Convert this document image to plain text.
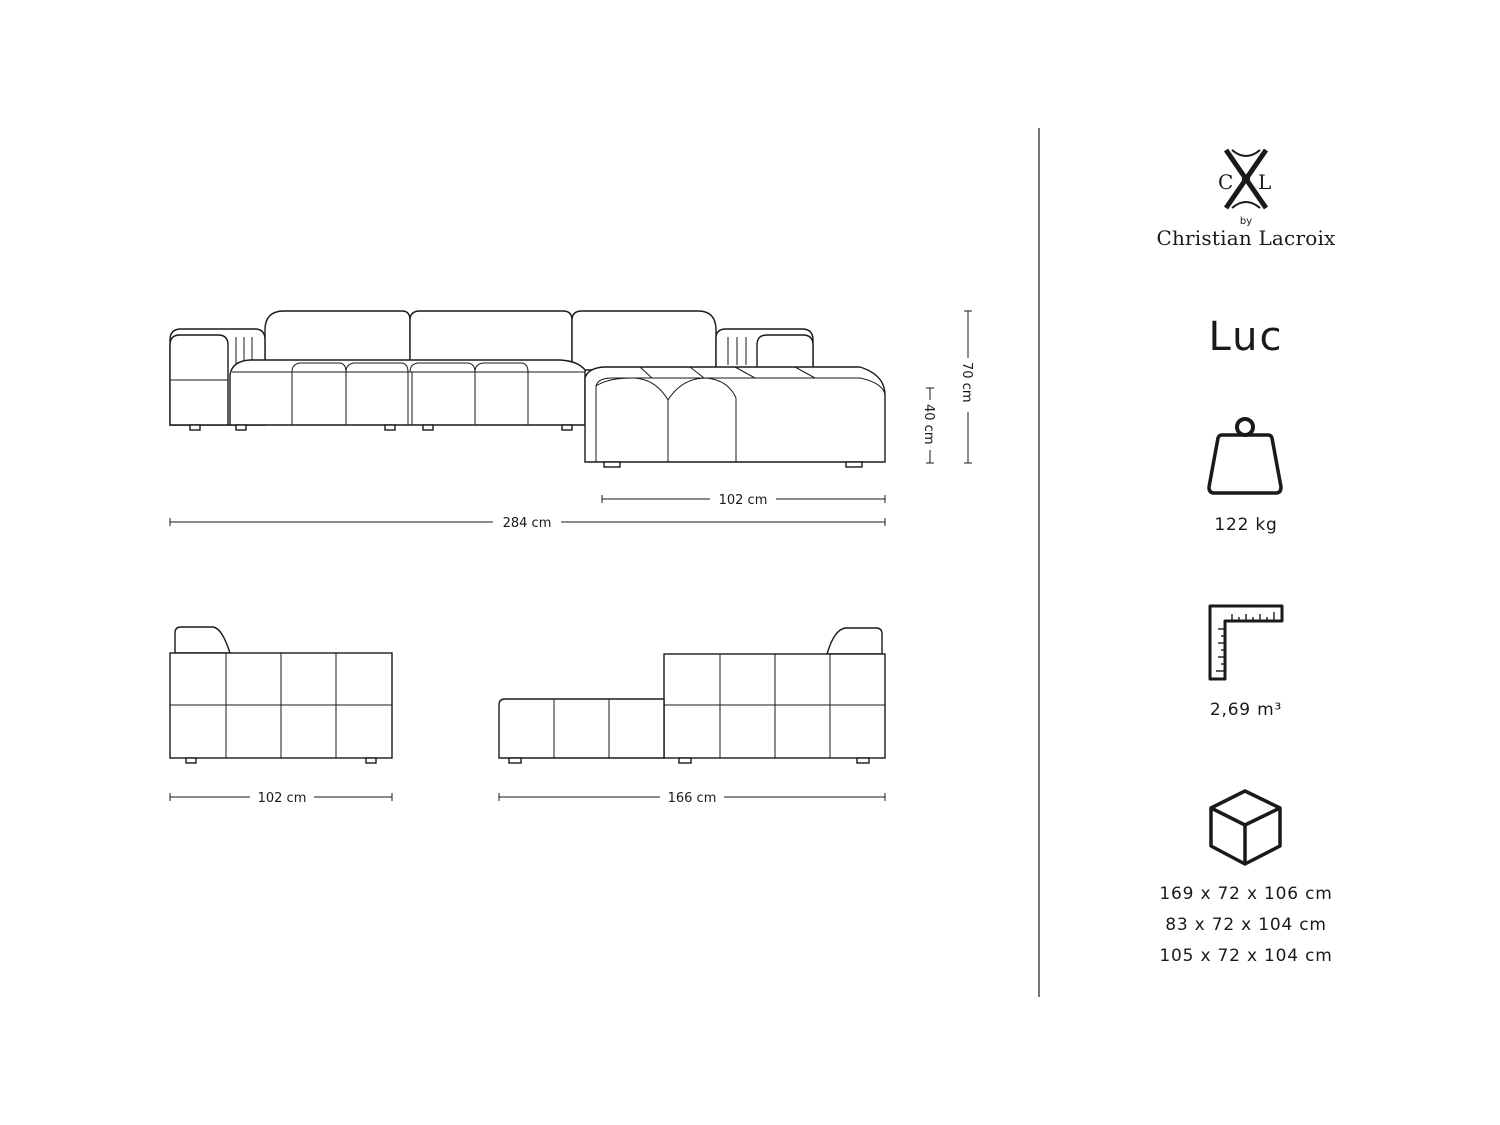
70 cm
40 cm
102 cm
284 cm
102 cm	166 cm
C L
by
Christian Lacroix
Luc
122 kg
2,69 m³
169 x 72 x 106 cm
83 x 72 x 104 cm
105 x 72 x 104 cm
